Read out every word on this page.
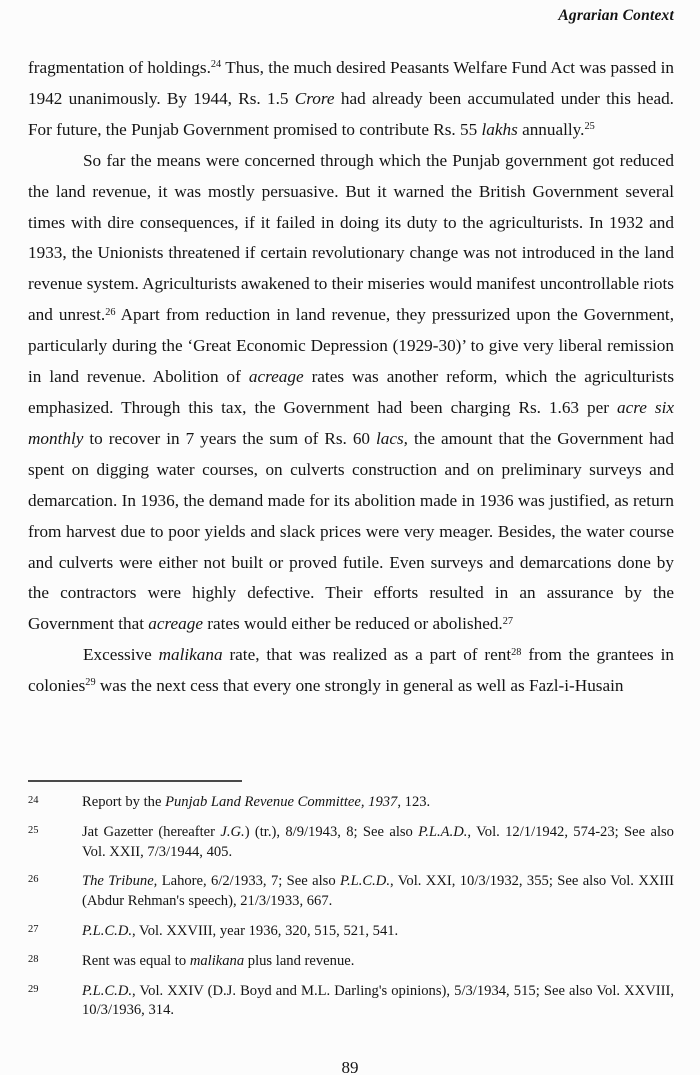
Agrarian Context

fragmentation of holdings.$^{24}$ Thus, the much desired Peasants Welfare Fund Act was passed in 1942 unanimously. By 1944, Rs. 1.5 Crore had already been accumulated under this head. For future, the Punjab Government promised to contribute Rs. 55 lakhs annually.$^{25}$

So far the means were concerned through which the Punjab government got reduced the land revenue, it was mostly persuasive. But it warned the British Government several times with dire consequences, if it failed in doing its duty to the agriculturists. In 1932 and 1933, the Unionists threatened if certain revolutionary change was not introduced in the land revenue system. Agriculturists awakened to their miseries would manifest uncontrollable riots and unrest.$^{26}$ Apart from reduction in land revenue, they pressurized upon the Government, particularly during the ‘Great Economic Depression (1929-30)’ to give very liberal remission in land revenue. Abolition of acreage rates was another reform, which the agriculturists emphasized. Through this tax, the Government had been charging Rs. 1.63 per acre six monthly to recover in 7 years the sum of Rs. 60 lacs, the amount that the Government had spent on digging water courses, on culverts construction and on preliminary surveys and demarcation. In 1936, the demand made for its abolition made in 1936 was justified, as return from harvest due to poor yields and slack prices were very meager. Besides, the water course and culverts were either not built or proved futile. Even surveys and demarcations done by the contractors were highly defective. Their efforts resulted in an assurance by the Government that acreage rates would either be reduced or abolished.$^{27}$

Excessive malikana rate, that was realized as a part of rent$^{28}$ from the grantees in colonies$^{29}$ was the next cess that every one strongly in general as well as Fazl-i-Husain

24	Report by the Punjab Land Revenue Committee, 1937, 123.
25	Jat Gazetter (hereafter J.G.) (tr.), 8/9/1943, 8; See also P.L.A.D., Vol. 12/1/1942, 574-23; See also Vol. XXII, 7/3/1944, 405.
26	The Tribune, Lahore, 6/2/1933, 7; See also P.L.C.D., Vol. XXI, 10/3/1932, 355; See also Vol. XXIII (Abdur Rehman's speech), 21/3/1933, 667.
27	P.L.C.D., Vol. XXVIII, year 1936, 320, 515, 521, 541.
28	Rent was equal to malikana plus land revenue.
29	P.L.C.D., Vol. XXIV (D.J. Boyd and M.L. Darling's opinions), 5/3/1934, 515; See also Vol. XXVIII, 10/3/1936, 314.
89
